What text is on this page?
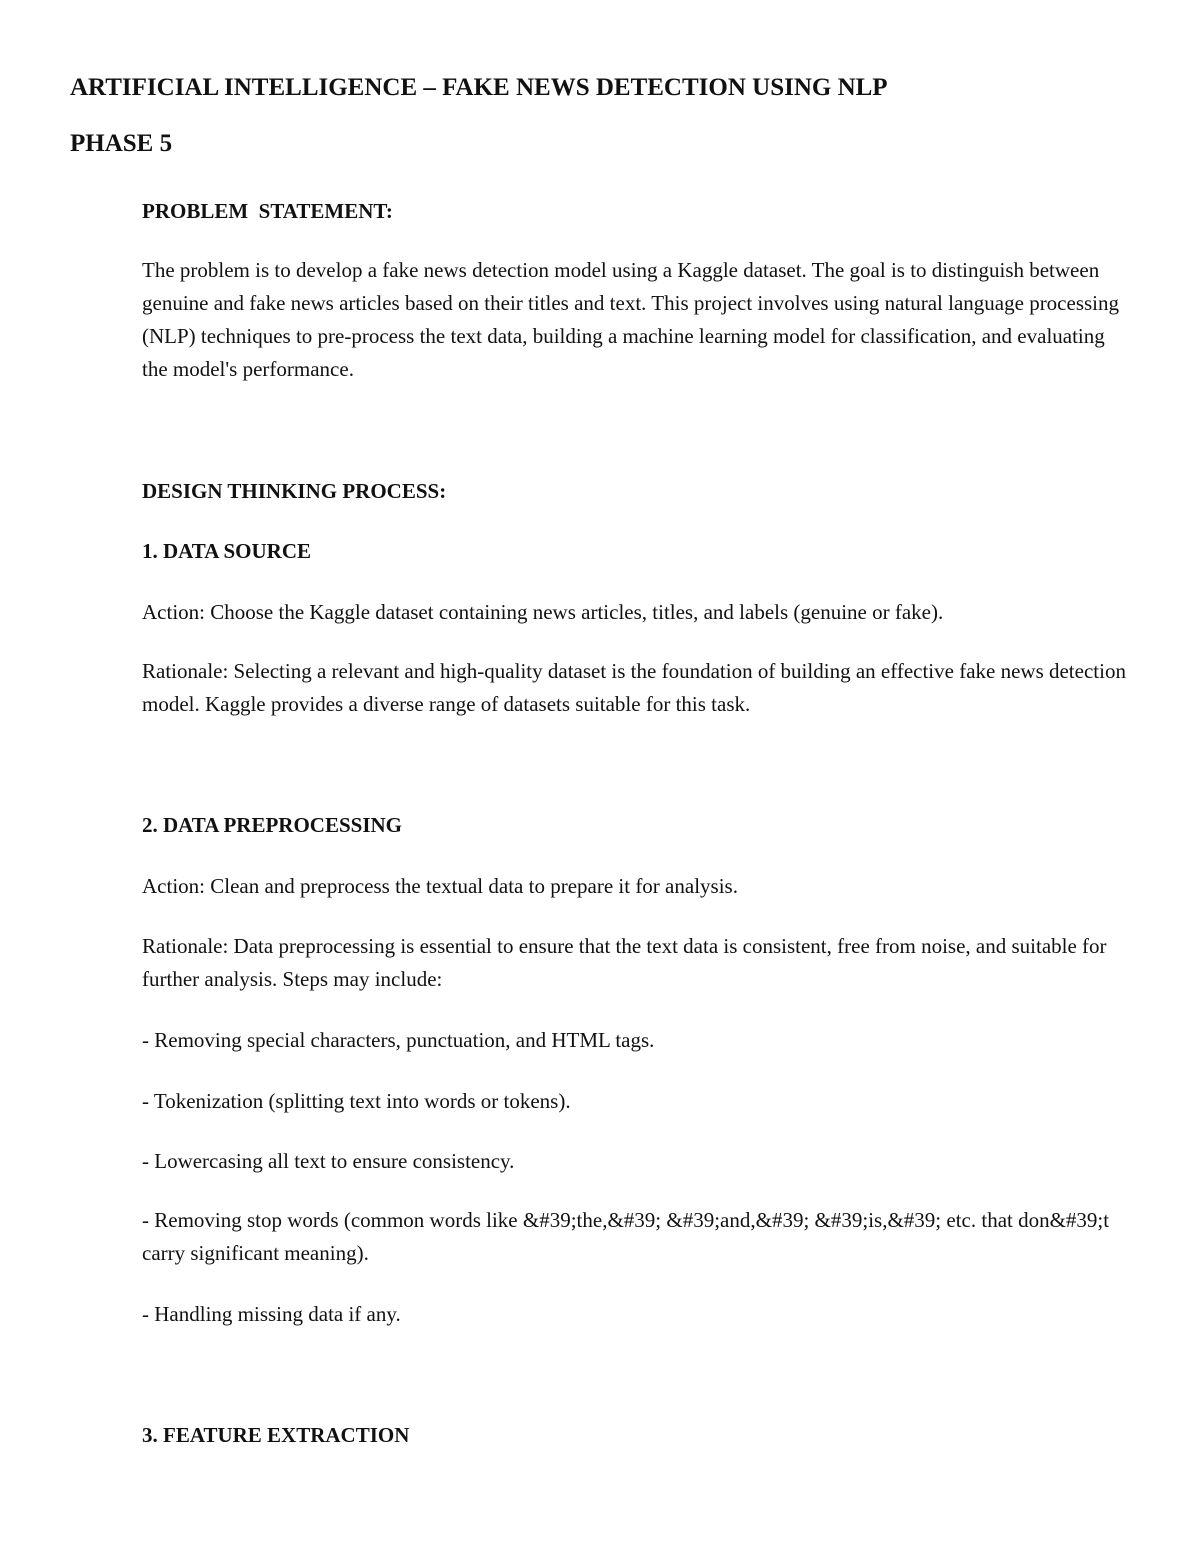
ARTIFICIAL INTELLIGENCE – FAKE NEWS DETECTION USING NLP
PHASE 5
PROBLEM  STATEMENT:

The problem is to develop a fake news detection model using a Kaggle dataset. The goal is to distinguish between genuine and fake news articles based on their titles and text. This project involves using natural language processing (NLP) techniques to pre-process the text data, building a machine learning model for classification, and evaluating the model's performance.

DESIGN THINKING PROCESS:
1. DATA SOURCE
Action: Choose the Kaggle dataset containing news articles, titles, and labels (genuine or fake).

Rationale: Selecting a relevant and high-quality dataset is the foundation of building an effective fake news detection model. Kaggle provides a diverse range of datasets suitable for this task.

2. DATA PREPROCESSING
Action: Clean and preprocess the textual data to prepare it for analysis.

Rationale: Data preprocessing is essential to ensure that the text data is consistent, free from noise, and suitable for further analysis. Steps may include:

- Removing special characters, punctuation, and HTML tags.
- Tokenization (splitting text into words or tokens).
- Lowercasing all text to ensure consistency.

- Removing stop words (common words like &#39;the,&#39; &#39;and,&#39; &#39;is,&#39; etc. that don&#39;t carry significant meaning).

- Handling missing data if any.
3. FEATURE EXTRACTION
